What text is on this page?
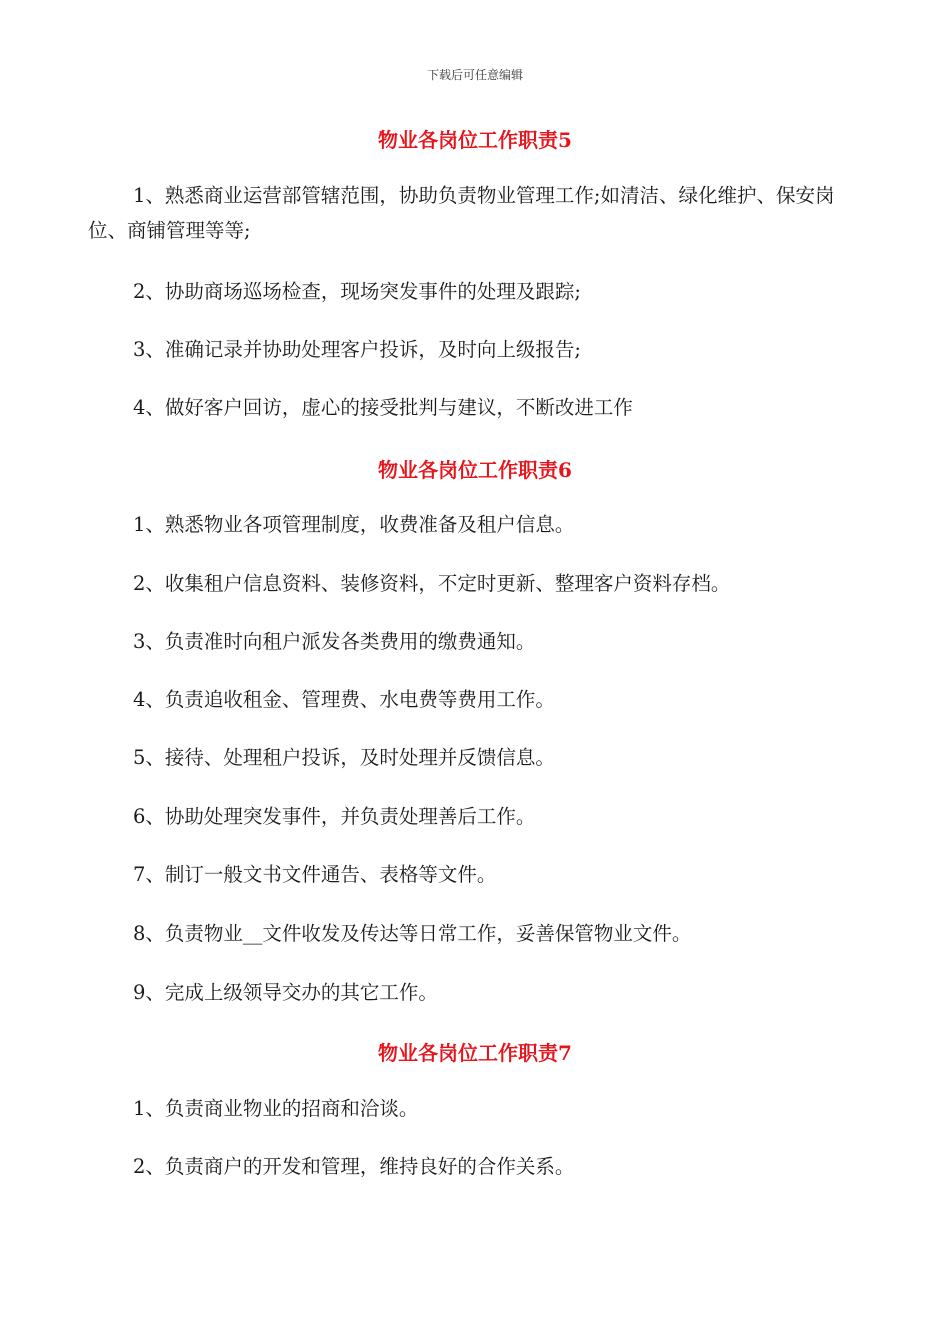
下载后可任意编辑
物业各岗位工作职责5
1、熟悉商业运营部管辖范围，协助负责物业管理工作;如清洁、绿化维护、保安岗位、商铺管理等等;
2、协助商场巡场检查，现场突发事件的处理及跟踪;
3、准确记录并协助处理客户投诉，及时向上级报告;
4、做好客户回访，虚心的接受批判与建议，不断改进工作
物业各岗位工作职责6
1、熟悉物业各项管理制度，收费准备及租户信息。
2、收集租户信息资料、装修资料，不定时更新、整理客户资料存档。
3、负责准时向租户派发各类费用的缴费通知。
4、负责追收租金、管理费、水电费等费用工作。
5、接待、处理租户投诉，及时处理并反馈信息。
6、协助处理突发事件，并负责处理善后工作。
7、制订一般文书文件通告、表格等文件。
8、负责物业__文件收发及传达等日常工作，妥善保管物业文件。
9、完成上级领导交办的其它工作。
物业各岗位工作职责7
1、负责商业物业的招商和洽谈。
2、负责商户的开发和管理，维持良好的合作关系。
